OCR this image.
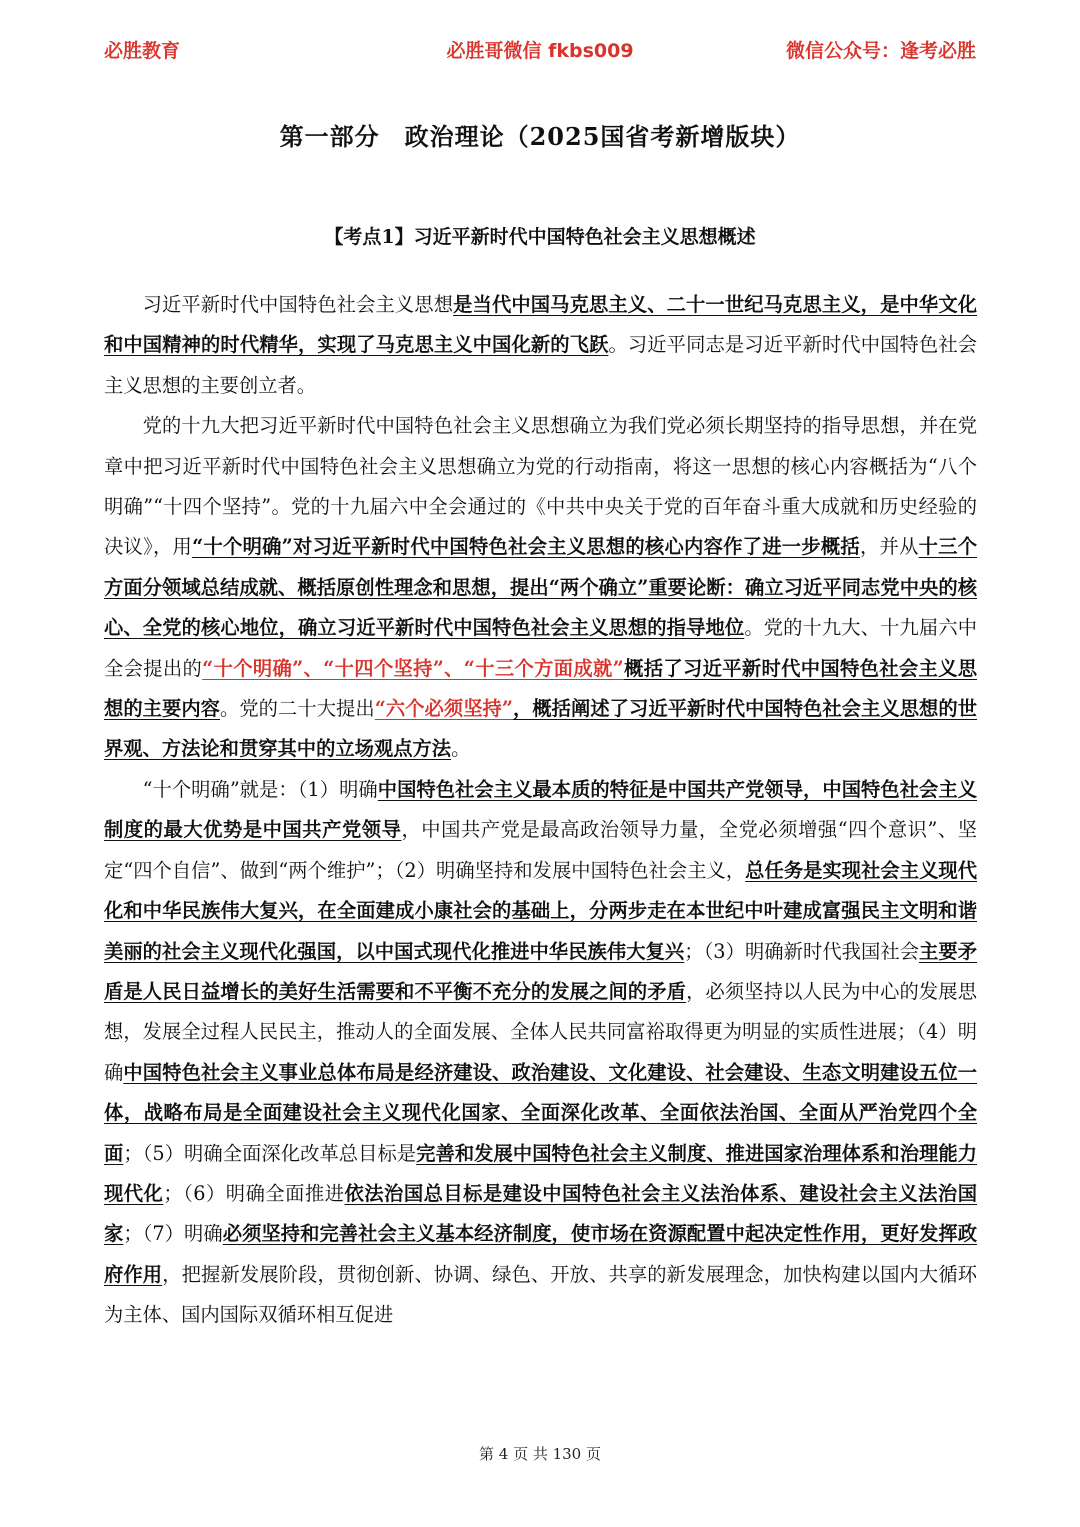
必胜教育	必胜哥微信 fkbs009	微信公众号：逢考必胜
第一部分　政治理论（2025国省考新增版块）
【考点1】习近平新时代中国特色社会主义思想概述

习近平新时代中国特色社会主义思想是当代中国马克思主义、二十一世纪马克思主义，是中华文化和中国精神的时代精华，实现了马克思主义中国化新的飞跃。习近平同志是习近平新时代中国特色社会主义思想的主要创立者。

党的十九大把习近平新时代中国特色社会主义思想确立为我们党必须长期坚持的指导思想，并在党章中把习近平新时代中国特色社会主义思想确立为党的行动指南，将这一思想的核心内容概括为“八个明确”“十四个坚持”。党的十九届六中全会通过的《中共中央关于党的百年奋斗重大成就和历史经验的决议》，用“十个明确”对习近平新时代中国特色社会主义思想的核心内容作了进一步概括，并从十三个方面分领域总结成就、概括原创性理念和思想，提出“两个确立”重要论断：确立习近平同志党中央的核心、全党的核心地位，确立习近平新时代中国特色社会主义思想的指导地位。党的十九大、十九届六中全会提出的“十个明确”、“十四个坚持”、“十三个方面成就”概括了习近平新时代中国特色社会主义思想的主要内容。党的二十大提出“六个必须坚持”，概括阐述了习近平新时代中国特色社会主义思想的世界观、方法论和贯穿其中的立场观点方法。

“十个明确”就是：（1）明确中国特色社会主义最本质的特征是中国共产党领导，中国特色社会主义制度的最大优势是中国共产党领导，中国共产党是最高政治领导力量，全党必须增强“四个意识”、坚定“四个自信”、做到“两个维护”；（2）明确坚持和发展中国特色社会主义，总任务是实现社会主义现代化和中华民族伟大复兴，在全面建成小康社会的基础上，分两步走在本世纪中叶建成富强民主文明和谐美丽的社会主义现代化强国，以中国式现代化推进中华民族伟大复兴；（3）明确新时代我国社会主要矛盾是人民日益增长的美好生活需要和不平衡不充分的发展之间的矛盾，必须坚持以人民为中心的发展思想，发展全过程人民民主，推动人的全面发展、全体人民共同富裕取得更为明显的实质性进展；（4）明确中国特色社会主义事业总体布局是经济建设、政治建设、文化建设、社会建设、生态文明建设五位一体，战略布局是全面建设社会主义现代化国家、全面深化改革、全面依法治国、全面从严治党四个全面；（5）明确全面深化改革总目标是完善和发展中国特色社会主义制度、推进国家治理体系和治理能力现代化；（6）明确全面推进依法治国总目标是建设中国特色社会主义法治体系、建设社会主义法治国家；（7）明确必须坚持和完善社会主义基本经济制度，使市场在资源配置中起决定性作用，更好发挥政府作用，把握新发展阶段，贯彻创新、协调、绿色、开放、共享的新发展理念，加快构建以国内大循环为主体、国内国际双循环相互促进

第 4 页 共 130 页
